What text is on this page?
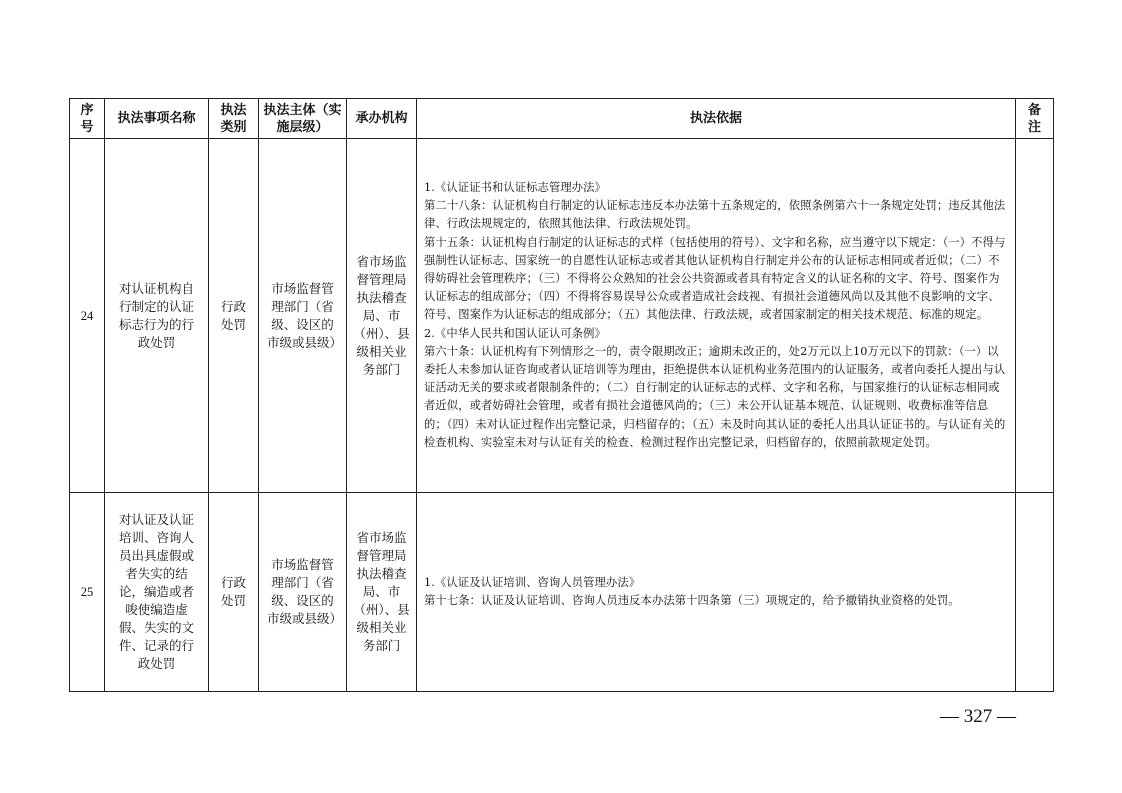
序号	执法事项名称	执法类别	执法主体（实施层级）	承办机构	执法依据	备注

24	对认证机构自行制定的认证标志行为的行政处罚	行政处罚	市场监督管理部门（省级、设区的市级或县级）	省市场监督管理局执法稽查局、市（州）、县级相关业务部门	1.《认证证书和认证标志管理办法》
第二十八条：认证机构自行制定的认证标志违反本办法第十五条规定的，依照条例第六十一条规定处罚；违反其他法律、行政法规规定的，依照其他法律、行政法规处罚。
第十五条：认证机构自行制定的认证标志的式样（包括使用的符号）、文字和名称，应当遵守以下规定：（一）不得与强制性认证标志、国家统一的自愿性认证标志或者其他认证机构自行制定并公布的认证标志相同或者近似；（二）不得妨碍社会管理秩序；（三）不得将公众熟知的社会公共资源或者具有特定含义的认证名称的文字、符号、图案作为认证标志的组成部分；（四）不得将容易误导公众或者造成社会歧视、有损社会道德风尚以及其他不良影响的文字、符号、图案作为认证标志的组成部分；（五）其他法律、行政法规，或者国家制定的相关技术规范、标准的规定。
2.《中华人民共和国认证认可条例》
第六十条：认证机构有下列情形之一的，责令限期改正；逾期未改正的，处2万元以上10万元以下的罚款：（一）以委托人未参加认证咨询或者认证培训等为理由，拒绝提供本认证机构业务范围内的认证服务，或者向委托人提出与认证活动无关的要求或者限制条件的；（二）自行制定的认证标志的式样、文字和名称，与国家推行的认证标志相同或者近似，或者妨碍社会管理，或者有损社会道德风尚的；（三）未公开认证基本规范、认证规则、收费标准等信息的；（四）未对认证过程作出完整记录，归档留存的；（五）未及时向其认证的委托人出具认证证书的。与认证有关的检查机构、实验室未对与认证有关的检查、检测过程作出完整记录，归档留存的，依照前款规定处罚。	

25	对认证及认证培训、咨询人员出具虚假或者失实的结论，编造或者唆使编造虚假、失实的文件、记录的行政处罚	行政处罚	市场监督管理部门（省级、设区的市级或县级）	省市场监督管理局执法稽查局、市（州）、县级相关业务部门	1.《认证及认证培训、咨询人员管理办法》
第十七条：认证及认证培训、咨询人员违反本办法第十四条第（三）项规定的，给予撤销执业资格的处罚。	

— 327 —
